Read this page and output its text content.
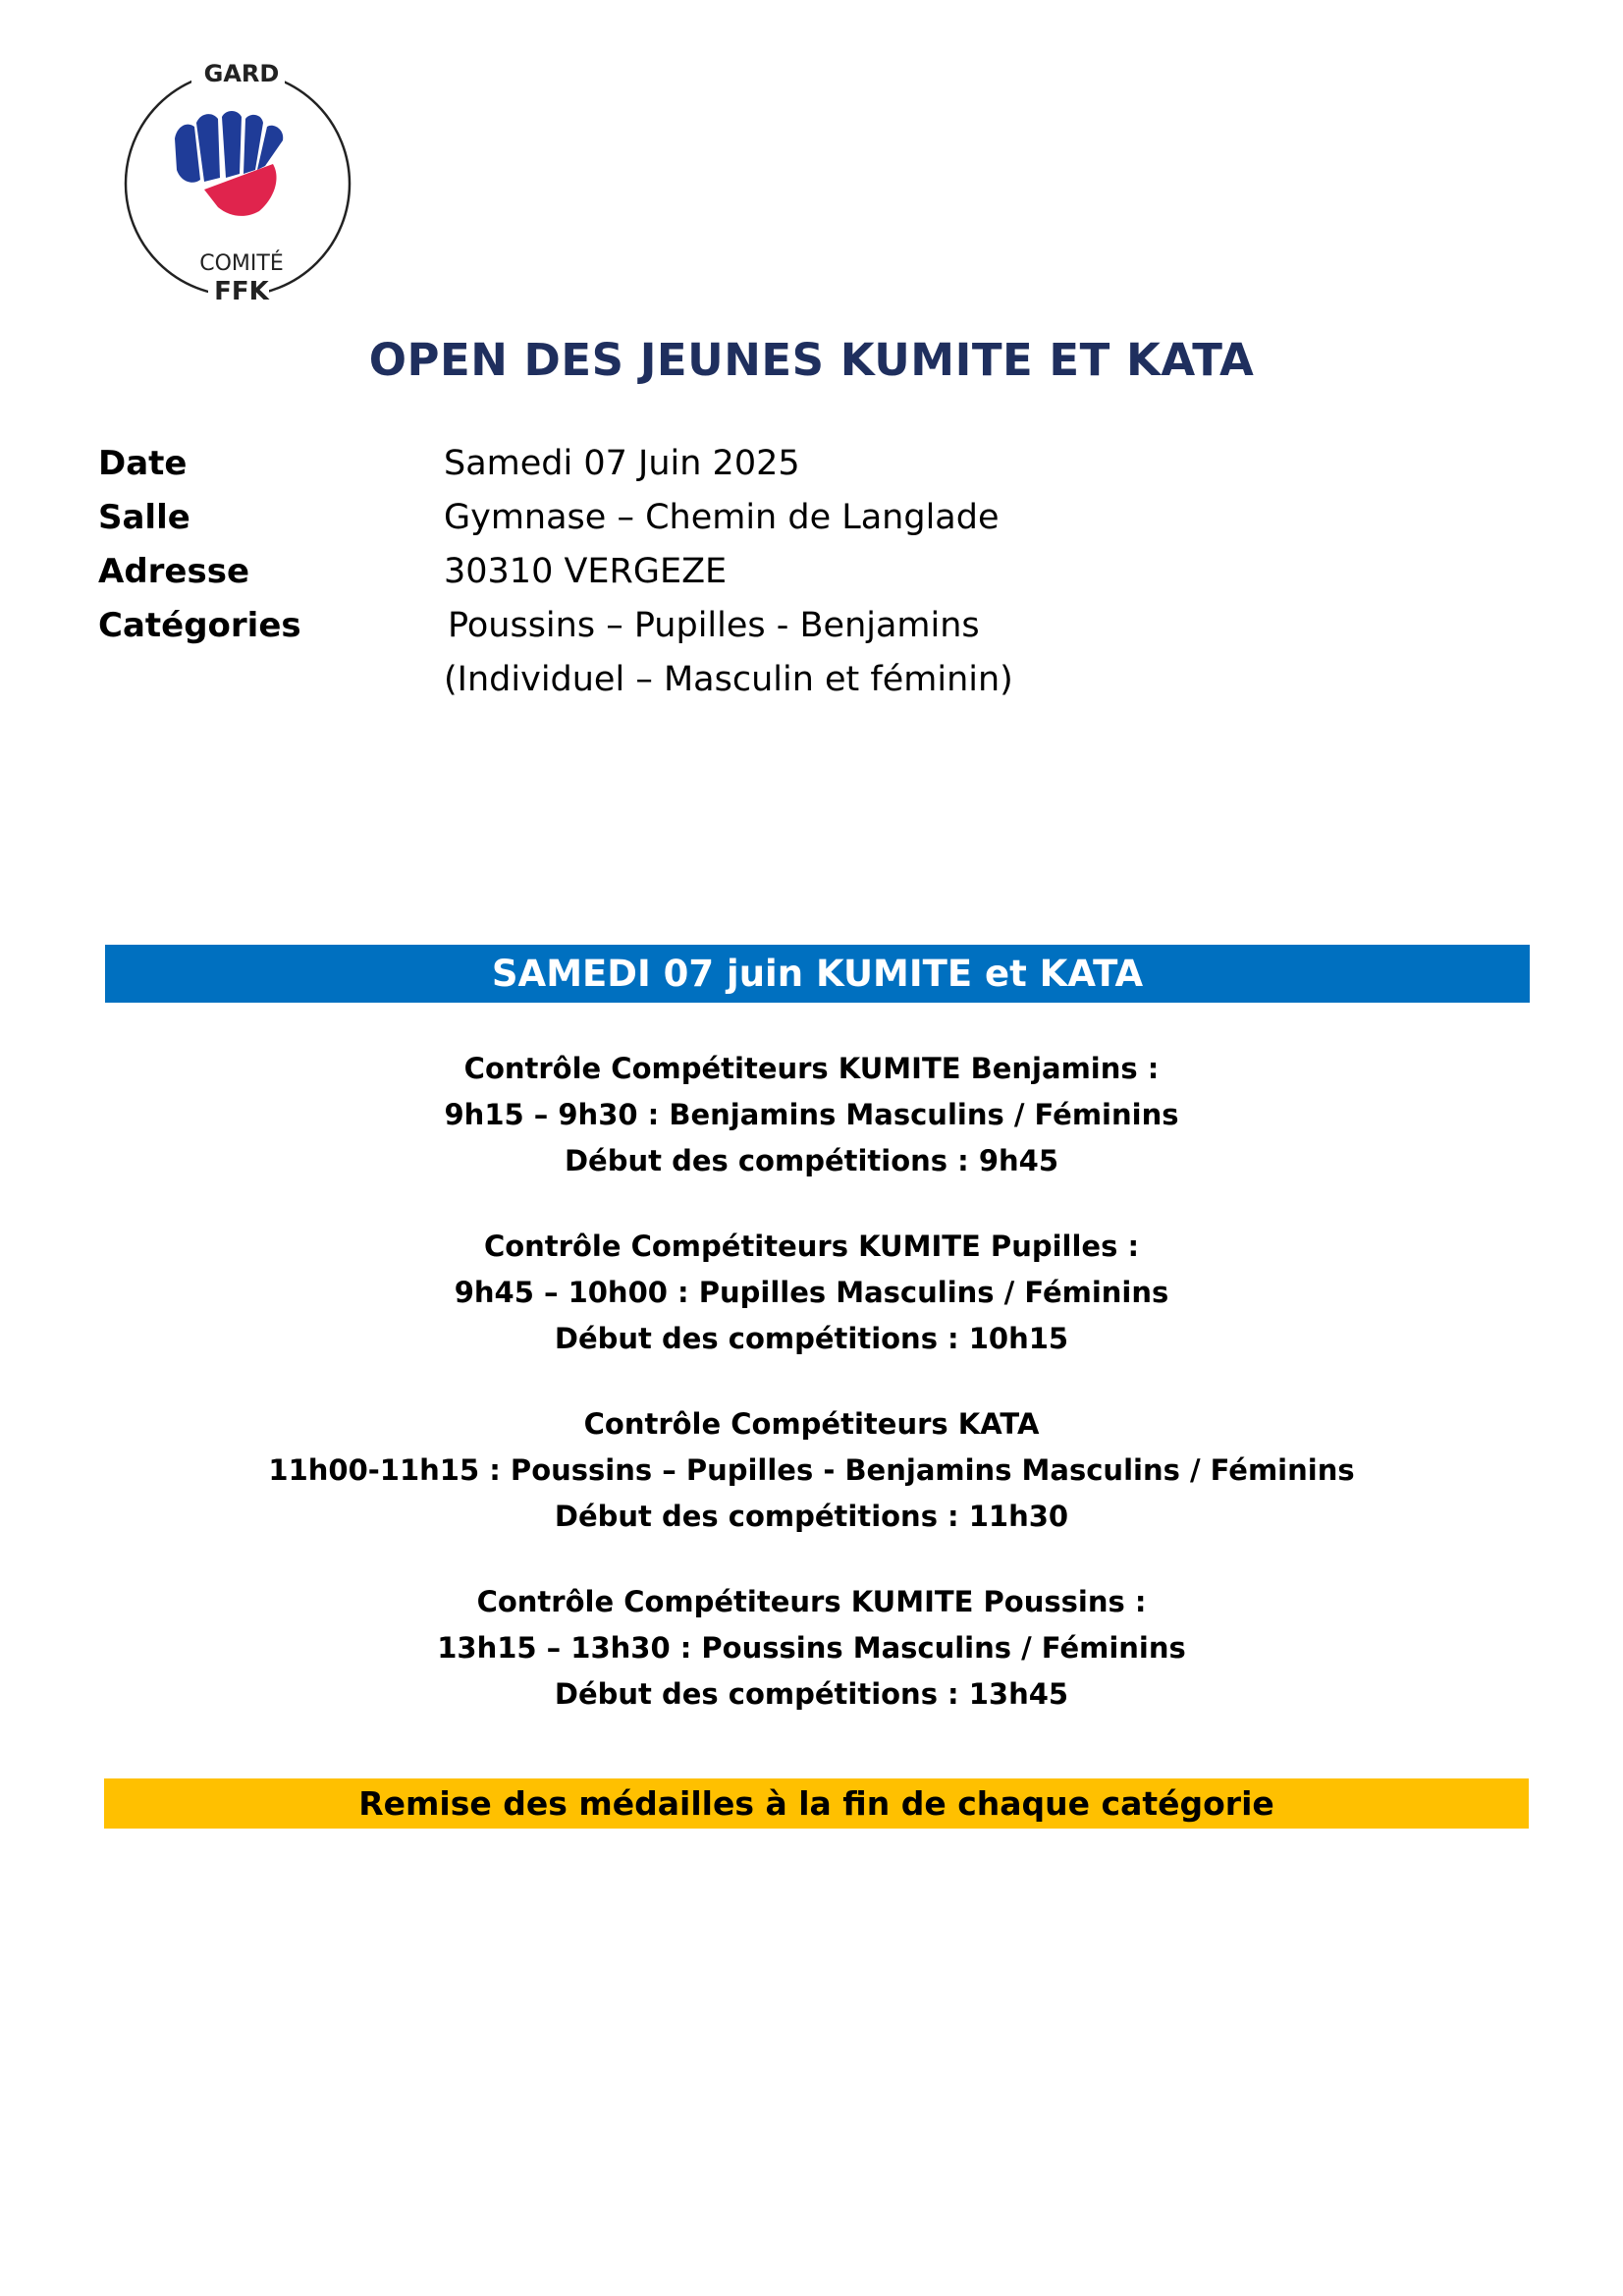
GARD
COMITÉ
FFK
OPEN DES JEUNES KUMITE ET KATA
Date	Samedi 07 Juin 2025
Salle	Gymnase – Chemin de Langlade
Adresse	30310 VERGEZE
Catégories	Poussins – Pupilles - Benjamins
(Individuel – Masculin et féminin)
SAMEDI 07 juin KUMITE et KATA
Contrôle Compétiteurs KUMITE Benjamins :
9h15 – 9h30 : Benjamins Masculins / Féminins
Début des compétitions : 9h45
Contrôle Compétiteurs KUMITE Pupilles :
9h45 – 10h00 : Pupilles Masculins / Féminins
Début des compétitions : 10h15
Contrôle Compétiteurs KATA
11h00-11h15 : Poussins – Pupilles - Benjamins Masculins / Féminins
Début des compétitions : 11h30
Contrôle Compétiteurs KUMITE Poussins :
13h15 – 13h30 : Poussins Masculins / Féminins
Début des compétitions : 13h45
Remise des médailles à la fin de chaque catégorie
